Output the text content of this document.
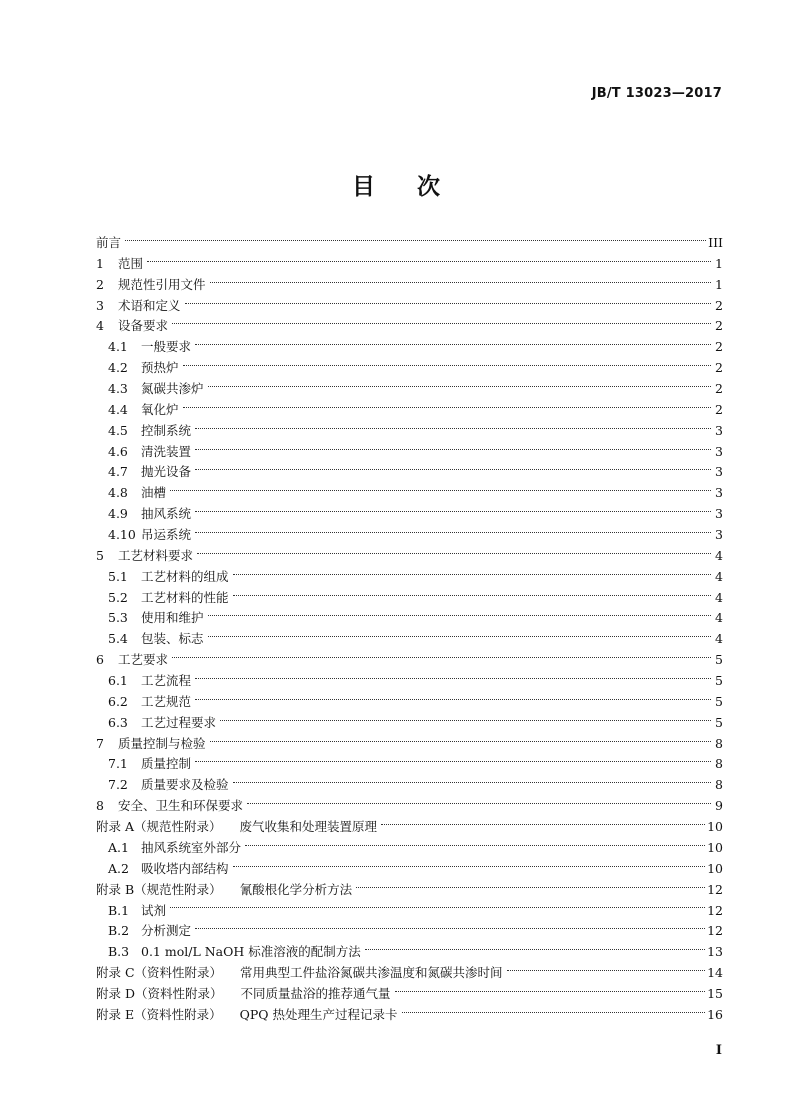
JB/T 13023—2017
目次
前言	III
1	范围	1
2	规范性引用文件	1
3	术语和定义	2
4	设备要求	2
4.1	一般要求	2
4.2	预热炉	2
4.3	氮碳共渗炉	2
4.4	氧化炉	2
4.5	控制系统	3
4.6	清洗装置	3
4.7	抛光设备	3
4.8	油槽	3
4.9	抽风系统	3
4.10 吊运系统	3
5	工艺材料要求	4
5.1	工艺材料的组成	4
5.2	工艺材料的性能	4
5.3	使用和维护	4
5.4	包装、标志	4
6	工艺要求	5
6.1	工艺流程	5
6.2	工艺规范	5
6.3	工艺过程要求	5
7	质量控制与检验	8
7.1	质量控制	8
7.2	质量要求及检验	8
8	安全、卫生和环保要求	9
附录 A（规范性附录）	废气收集和处理装置原理	10
A.1 抽风系统室外部分	10
A.2 吸收塔内部结构	10
附录 B（规范性附录）	氰酸根化学分析方法	12
B.1 试剂	12
B.2 分析测定	12
B.3 0.1 mol/L NaOH 标准溶液的配制方法	13
附录 C（资料性附录）	常用典型工件盐浴氮碳共渗温度和氮碳共渗时间	14
附录 D（资料性附录）	不同质量盐浴的推荐通气量	15
附录 E（资料性附录）	QPQ 热处理生产过程记录卡	16
I
